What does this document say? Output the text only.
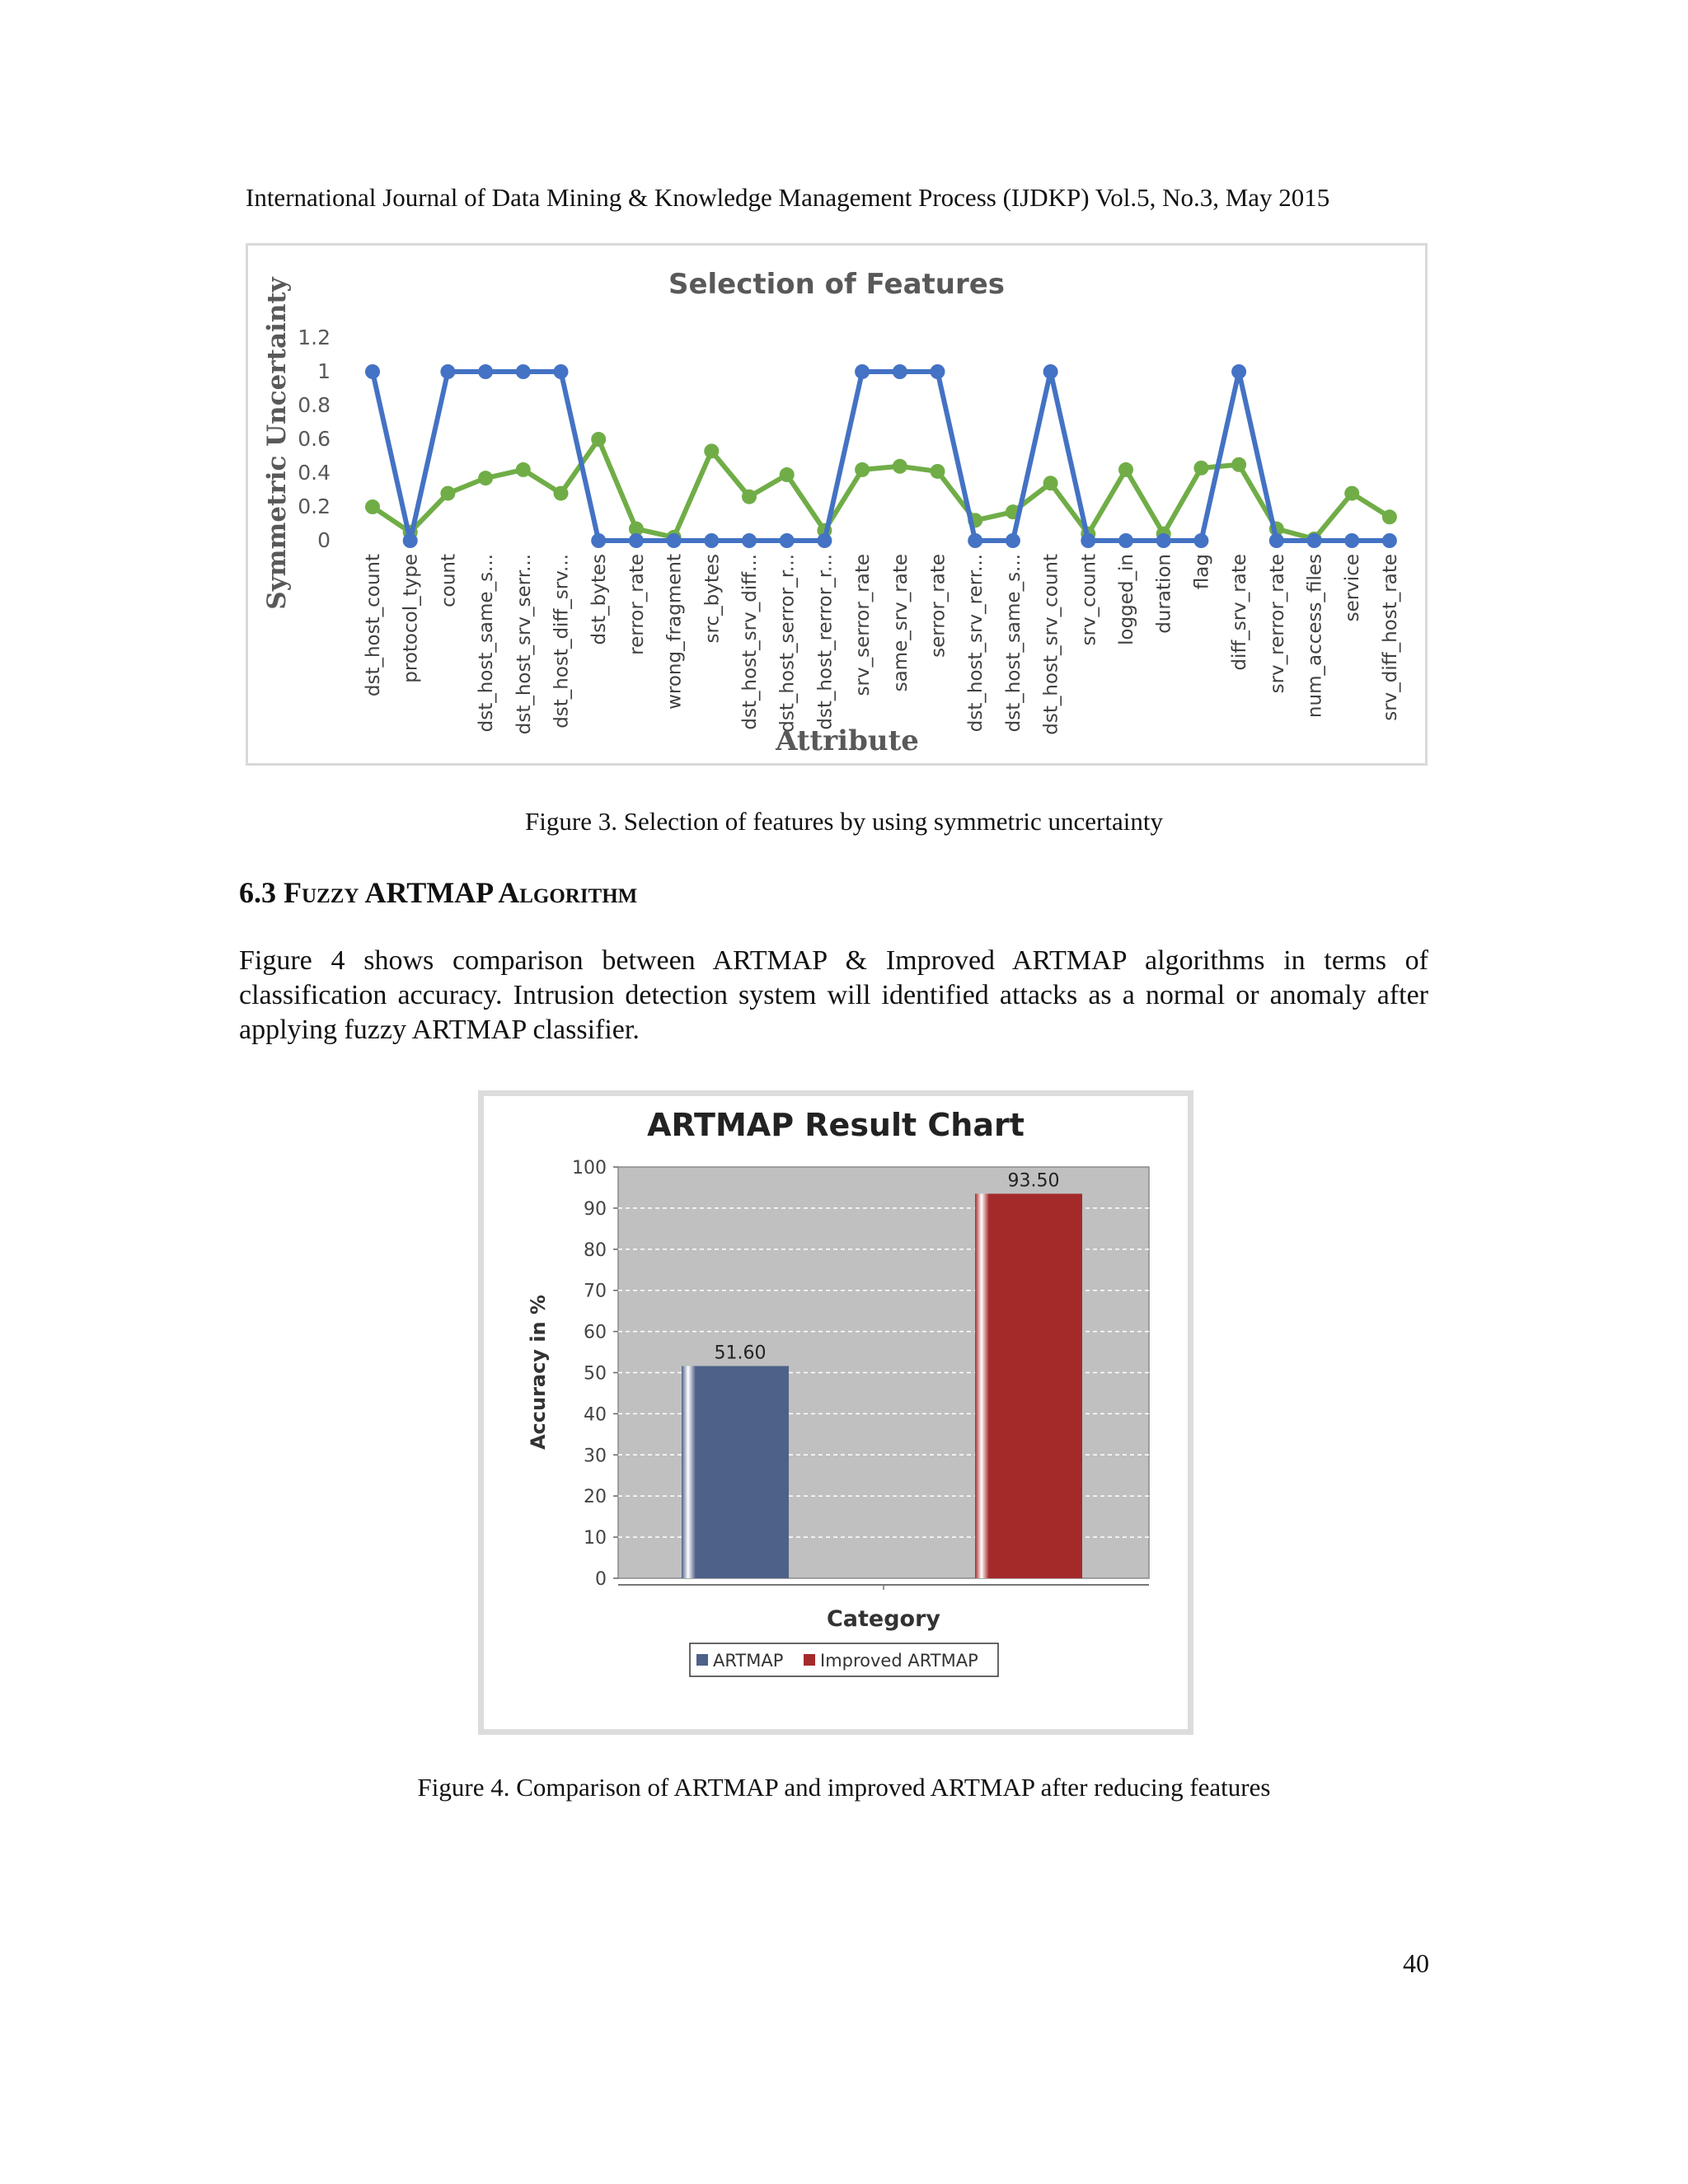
International Journal of Data Mining & Knowledge Management Process (IJDKP) Vol.5, No.3, May 2015
Selection of Features
0
0.2
0.4
0.6
0.8
1
1.2
Symmetric Uncertainty
dst_host_count protocol_type count dst_host_same_s... dst_host_srv_serr... dst_host_diff_srv... dst_bytes rerror_rate wrong_fragment src_bytes dst_host_srv_diff... dst_host_serror_r... dst_host_rerror_r... srv_serror_rate same_srv_rate serror_rate dst_host_srv_rerr... dst_host_same_s... dst_host_srv_count srv_count logged_in duration flag diff_srv_rate srv_rerror_rate num_access_files service srv_diff_host_rate
Attribute
Figure 3. Selection of features by using symmetric uncertainty
6.3 Fuzzy ARTMAP Algorithm
Figure 4 shows comparison between ARTMAP & Improved ARTMAP algorithms in terms of classification accuracy. Intrusion detection system will identified attacks as a normal or anomaly after applying fuzzy ARTMAP classifier.
ARTMAP Result Chart
0
10
20
30
40
50
60
70
80
90
100
Accuracy in %
Category
51.60
93.50
ARTMAP Improved ARTMAP
Figure 4. Comparison of ARTMAP and improved ARTMAP after reducing features
40
